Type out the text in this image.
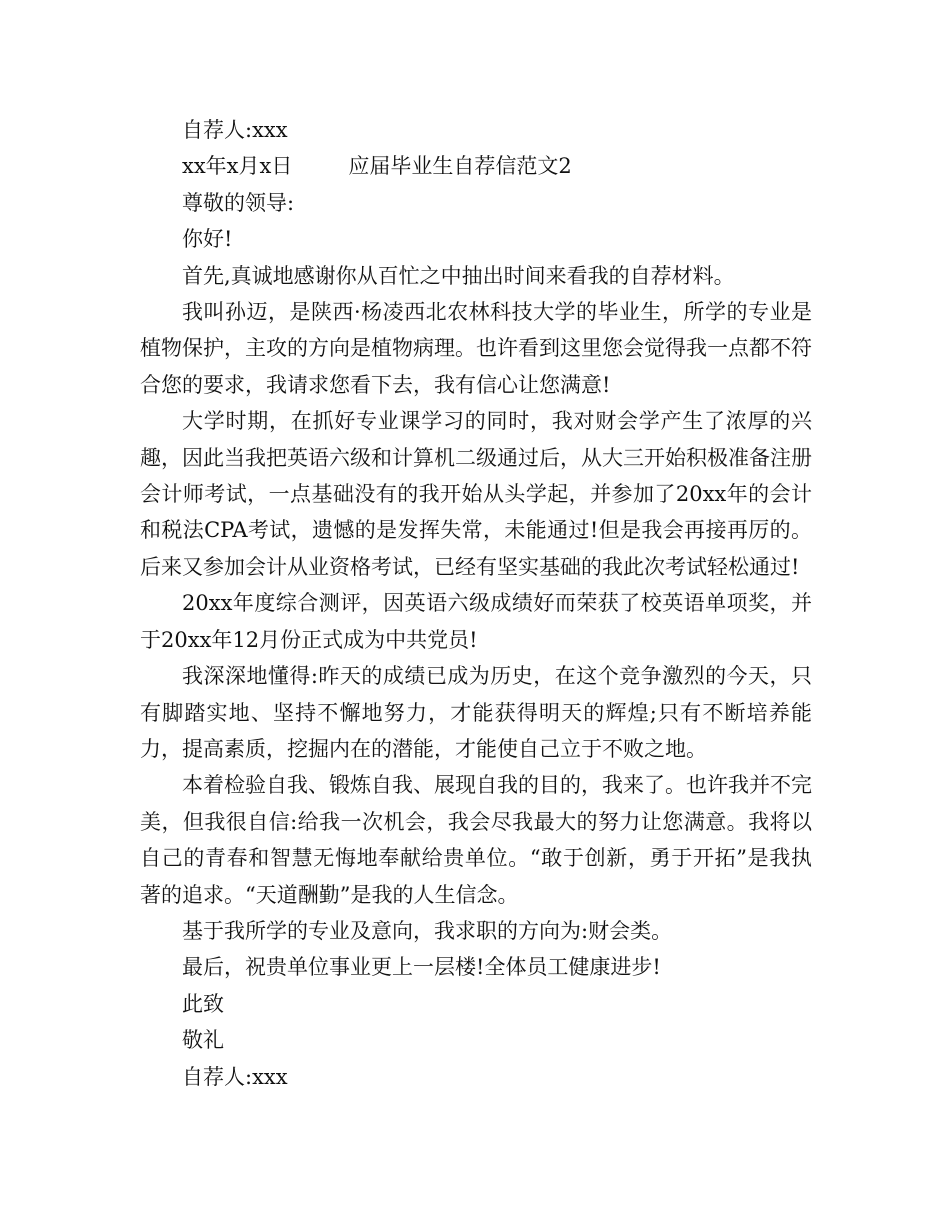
自荐人:xxx

xx年x月x日	应届毕业生自荐信范文2

尊敬的领导:

你好!

首先,真诚地感谢你从百忙之中抽出时间来看我的自荐材料。

我叫孙迈，是陕西·杨凌西北农林科技大学的毕业生，所学的专业是植物保护，主攻的方向是植物病理。也许看到这里您会觉得我一点都不符合您的要求，我请求您看下去，我有信心让您满意!

大学时期，在抓好专业课学习的同时，我对财会学产生了浓厚的兴趣，因此当我把英语六级和计算机二级通过后，从大三开始积极准备注册会计师考试，一点基础没有的我开始从头学起，并参加了20xx年的会计和税法CPA考试，遗憾的是发挥失常，未能通过!但是我会再接再厉的。后来又参加会计从业资格考试，已经有坚实基础的我此次考试轻松通过!

20xx年度综合测评，因英语六级成绩好而荣获了校英语单项奖，并于20xx年12月份正式成为中共党员!

我深深地懂得:昨天的成绩已成为历史，在这个竞争激烈的今天，只有脚踏实地、坚持不懈地努力，才能获得明天的辉煌;只有不断培养能力，提高素质，挖掘内在的潜能，才能使自己立于不败之地。

本着检验自我、锻炼自我、展现自我的目的，我来了。也许我并不完美，但我很自信:给我一次机会，我会尽我最大的努力让您满意。我将以自己的青春和智慧无悔地奉献给贵单位。“敢于创新，勇于开拓”是我执著的追求。“天道酬勤”是我的人生信念。

基于我所学的专业及意向，我求职的方向为:财会类。

最后，祝贵单位事业更上一层楼!全体员工健康进步!

此致

敬礼

自荐人:xxx
